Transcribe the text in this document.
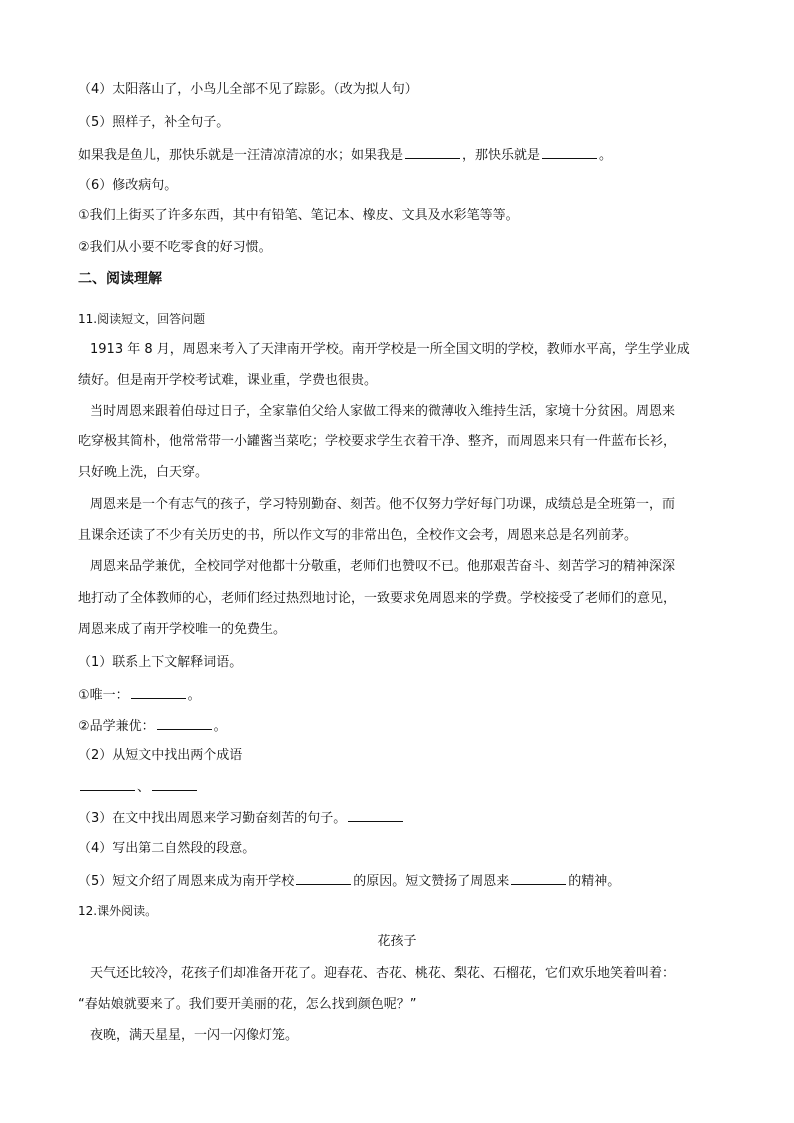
（4）太阳落山了，小鸟儿全部不见了踪影。（改为拟人句）
（5）照样子，补全句子。
如果我是鱼儿，那快乐就是一汪清凉清凉的水；如果我是	，那快乐就是	。
（6）修改病句。
①我们上街买了许多东西，其中有铅笔、笔记本、橡皮、文具及水彩笔等等。
②我们从小要不吃零食的好习惯。
二、阅读理解
11.阅读短文，回答问题
1913 年 8 月，周恩来考入了天津南开学校。南开学校是一所全国文明的学校，教师水平高，学生学业成
绩好。但是南开学校考试难，课业重，学费也很贵。
当时周恩来跟着伯母过日子，全家靠伯父给人家做工得来的微薄收入维持生活，家境十分贫困。周恩来
吃穿极其简朴，他常常带一小罐酱当菜吃；学校要求学生衣着干净、整齐，而周恩来只有一件蓝布长衫，
只好晚上洗，白天穿。
周恩来是一个有志气的孩子，学习特别勤奋、刻苦。他不仅努力学好每门功课，成绩总是全班第一，而
且课余还读了不少有关历史的书，所以作文写的非常出色，全校作文会考，周恩来总是名列前茅。
周恩来品学兼优，全校同学对他都十分敬重，老师们也赞叹不已。他那艰苦奋斗、刻苦学习的精神深深
地打动了全体教师的心，老师们经过热烈地讨论，一致要求免周恩来的学费。学校接受了老师们的意见，
周恩来成了南开学校唯一的免费生。
（1）联系上下文解释词语。
①唯一：	。
②品学兼优：	。
（2）从短文中找出两个成语
、
（3）在文中找出周恩来学习勤奋刻苦的句子。
（4）写出第二自然段的段意。
（5）短文介绍了周恩来成为南开学校	的原因。短文赞扬了周恩来	的精神。
12.课外阅读。
花孩子
天气还比较冷，花孩子们却准备开花了。迎春花、杏花、桃花、梨花、石榴花，它们欢乐地笑着叫着：
“春姑娘就要来了。我们要开美丽的花，怎么找到颜色呢？”
夜晚，满天星星，一闪一闪像灯笼。
